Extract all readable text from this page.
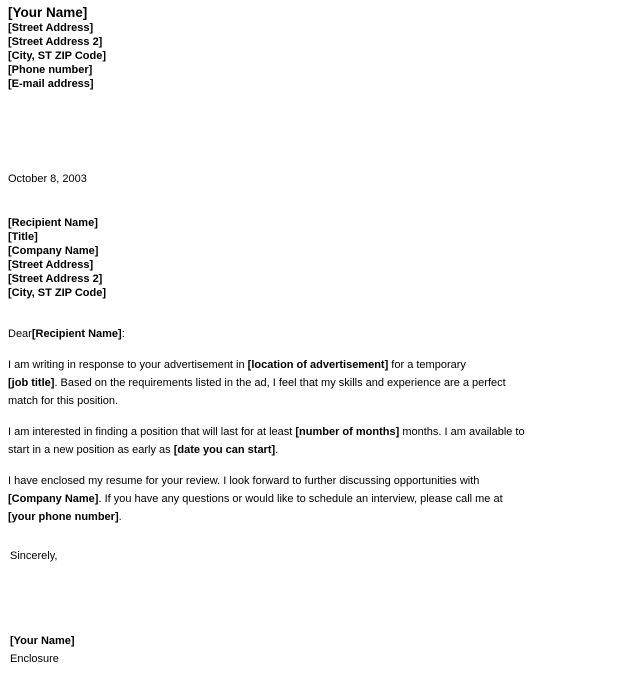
[Your Name]
[Street Address]
[Street Address 2]
[City, ST ZIP Code]
[Phone number]
[E-mail address]
October 8, 2003
[Recipient Name]
[Title]
[Company Name]
[Street Address]
[Street Address 2]
[City, ST ZIP Code]
Dear[Recipient Name]:
I am writing in response to your advertisement in [location of advertisement] for a temporary
[job title]. Based on the requirements listed in the ad, I feel that my skills and experience are a perfect
match for this position.
I am interested in finding a position that will last for at least [number of months] months. I am available to
start in a new position as early as [date you can start].
I have enclosed my resume for your review. I look forward to further discussing opportunities with
[Company Name]. If you have any questions or would like to schedule an interview, please call me at
[your phone number].
Sincerely,
[Your Name]
Enclosure
